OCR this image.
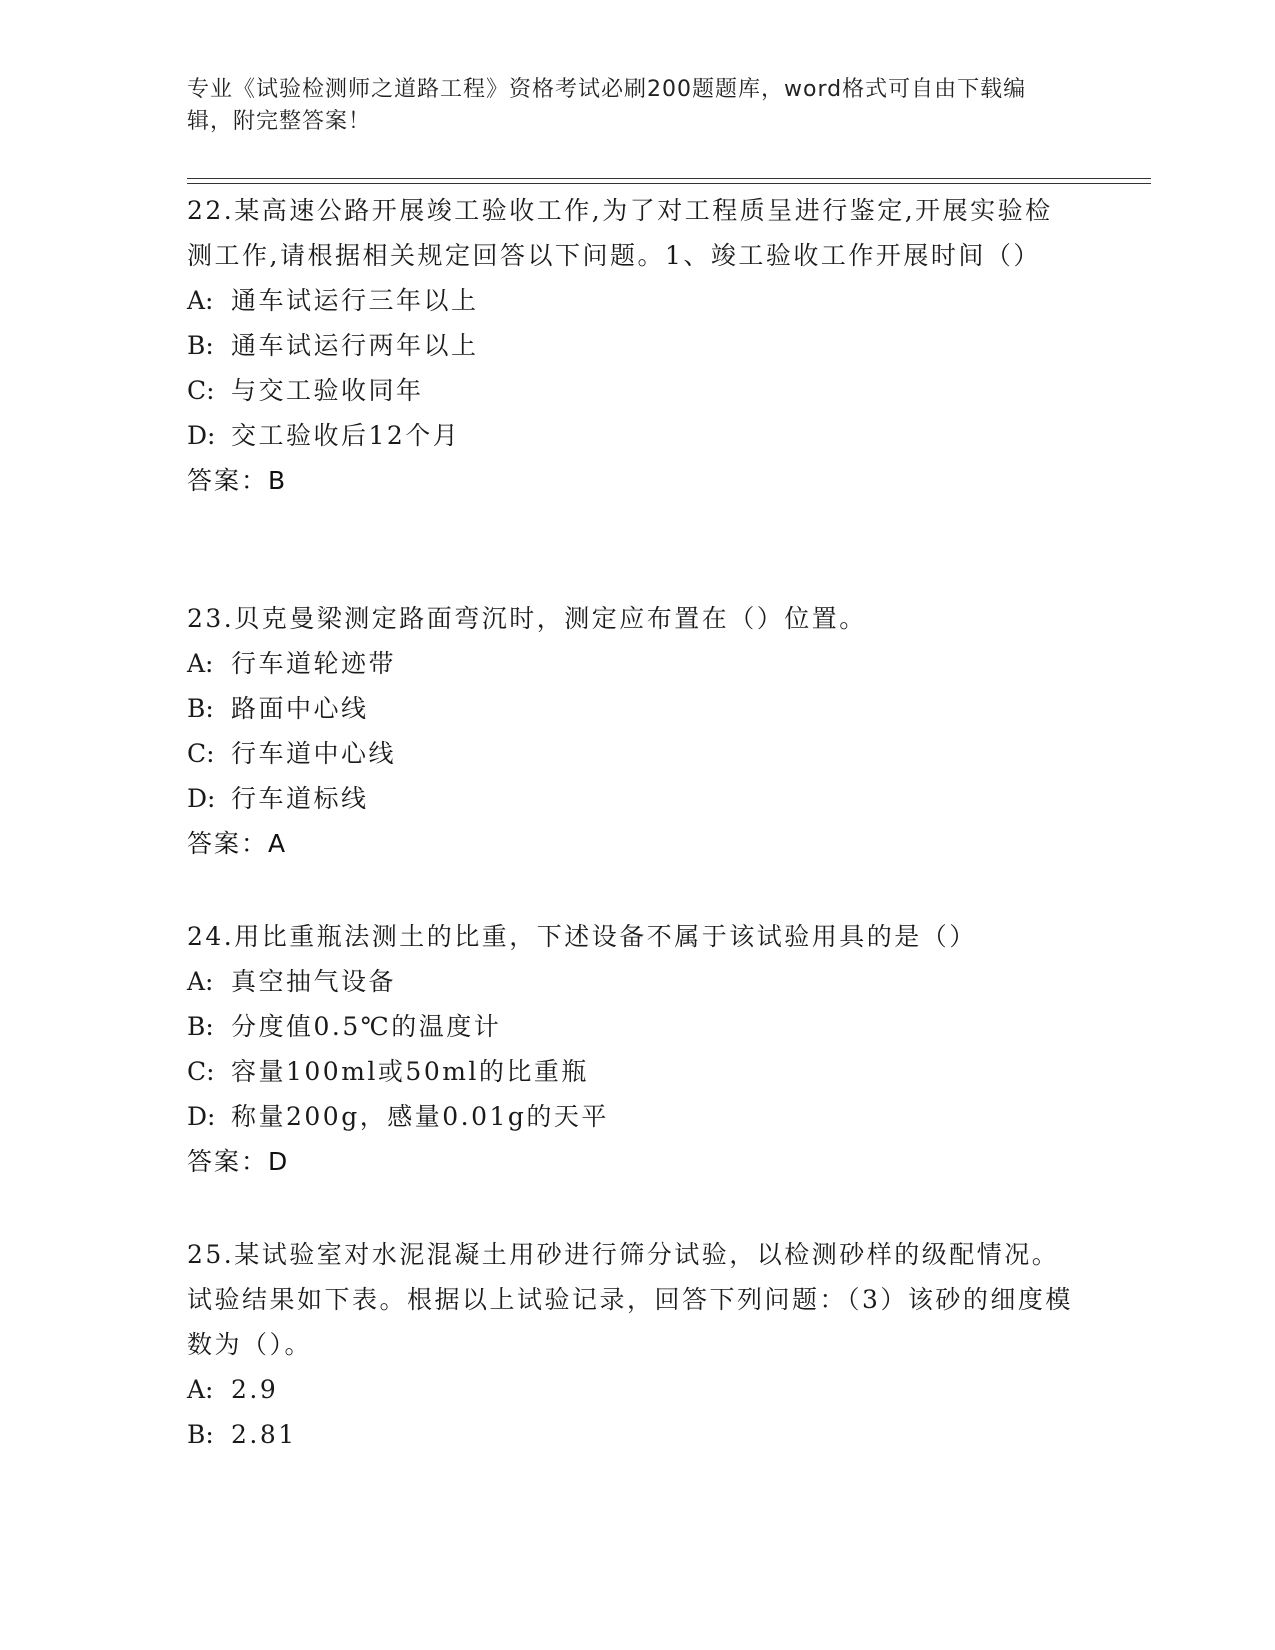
专业《试验检测师之道路工程》资格考试必刷200题题库，word格式可自由下载编辑，附完整答案！

22.某高速公路开展竣工验收工作,为了对工程质呈进行鉴定,开展实验检测工作,请根据相关规定回答以下问题。1、竣工验收工作开展时间（）

A: 通车试运行三年以上

B: 通车试运行两年以上

C: 与交工验收同年

D: 交工验收后12个月

答案：B

23.贝克曼梁测定路面弯沉时，测定应布置在（）位置。

A: 行车道轮迹带

B: 路面中心线

C: 行车道中心线

D: 行车道标线

答案：A

24.用比重瓶法测土的比重，下述设备不属于该试验用具的是（）

A: 真空抽气设备

B: 分度值0.5℃的温度计

C: 容量100ml或50ml的比重瓶

D: 称量200g，感量0.01g的天平

答案：D

25.某试验室对水泥混凝土用砂进行筛分试验，以检测砂样的级配情况。试验结果如下表。根据以上试验记录，回答下列问题：（3）该砂的细度模数为（）。

A: 2.9

B: 2.81
